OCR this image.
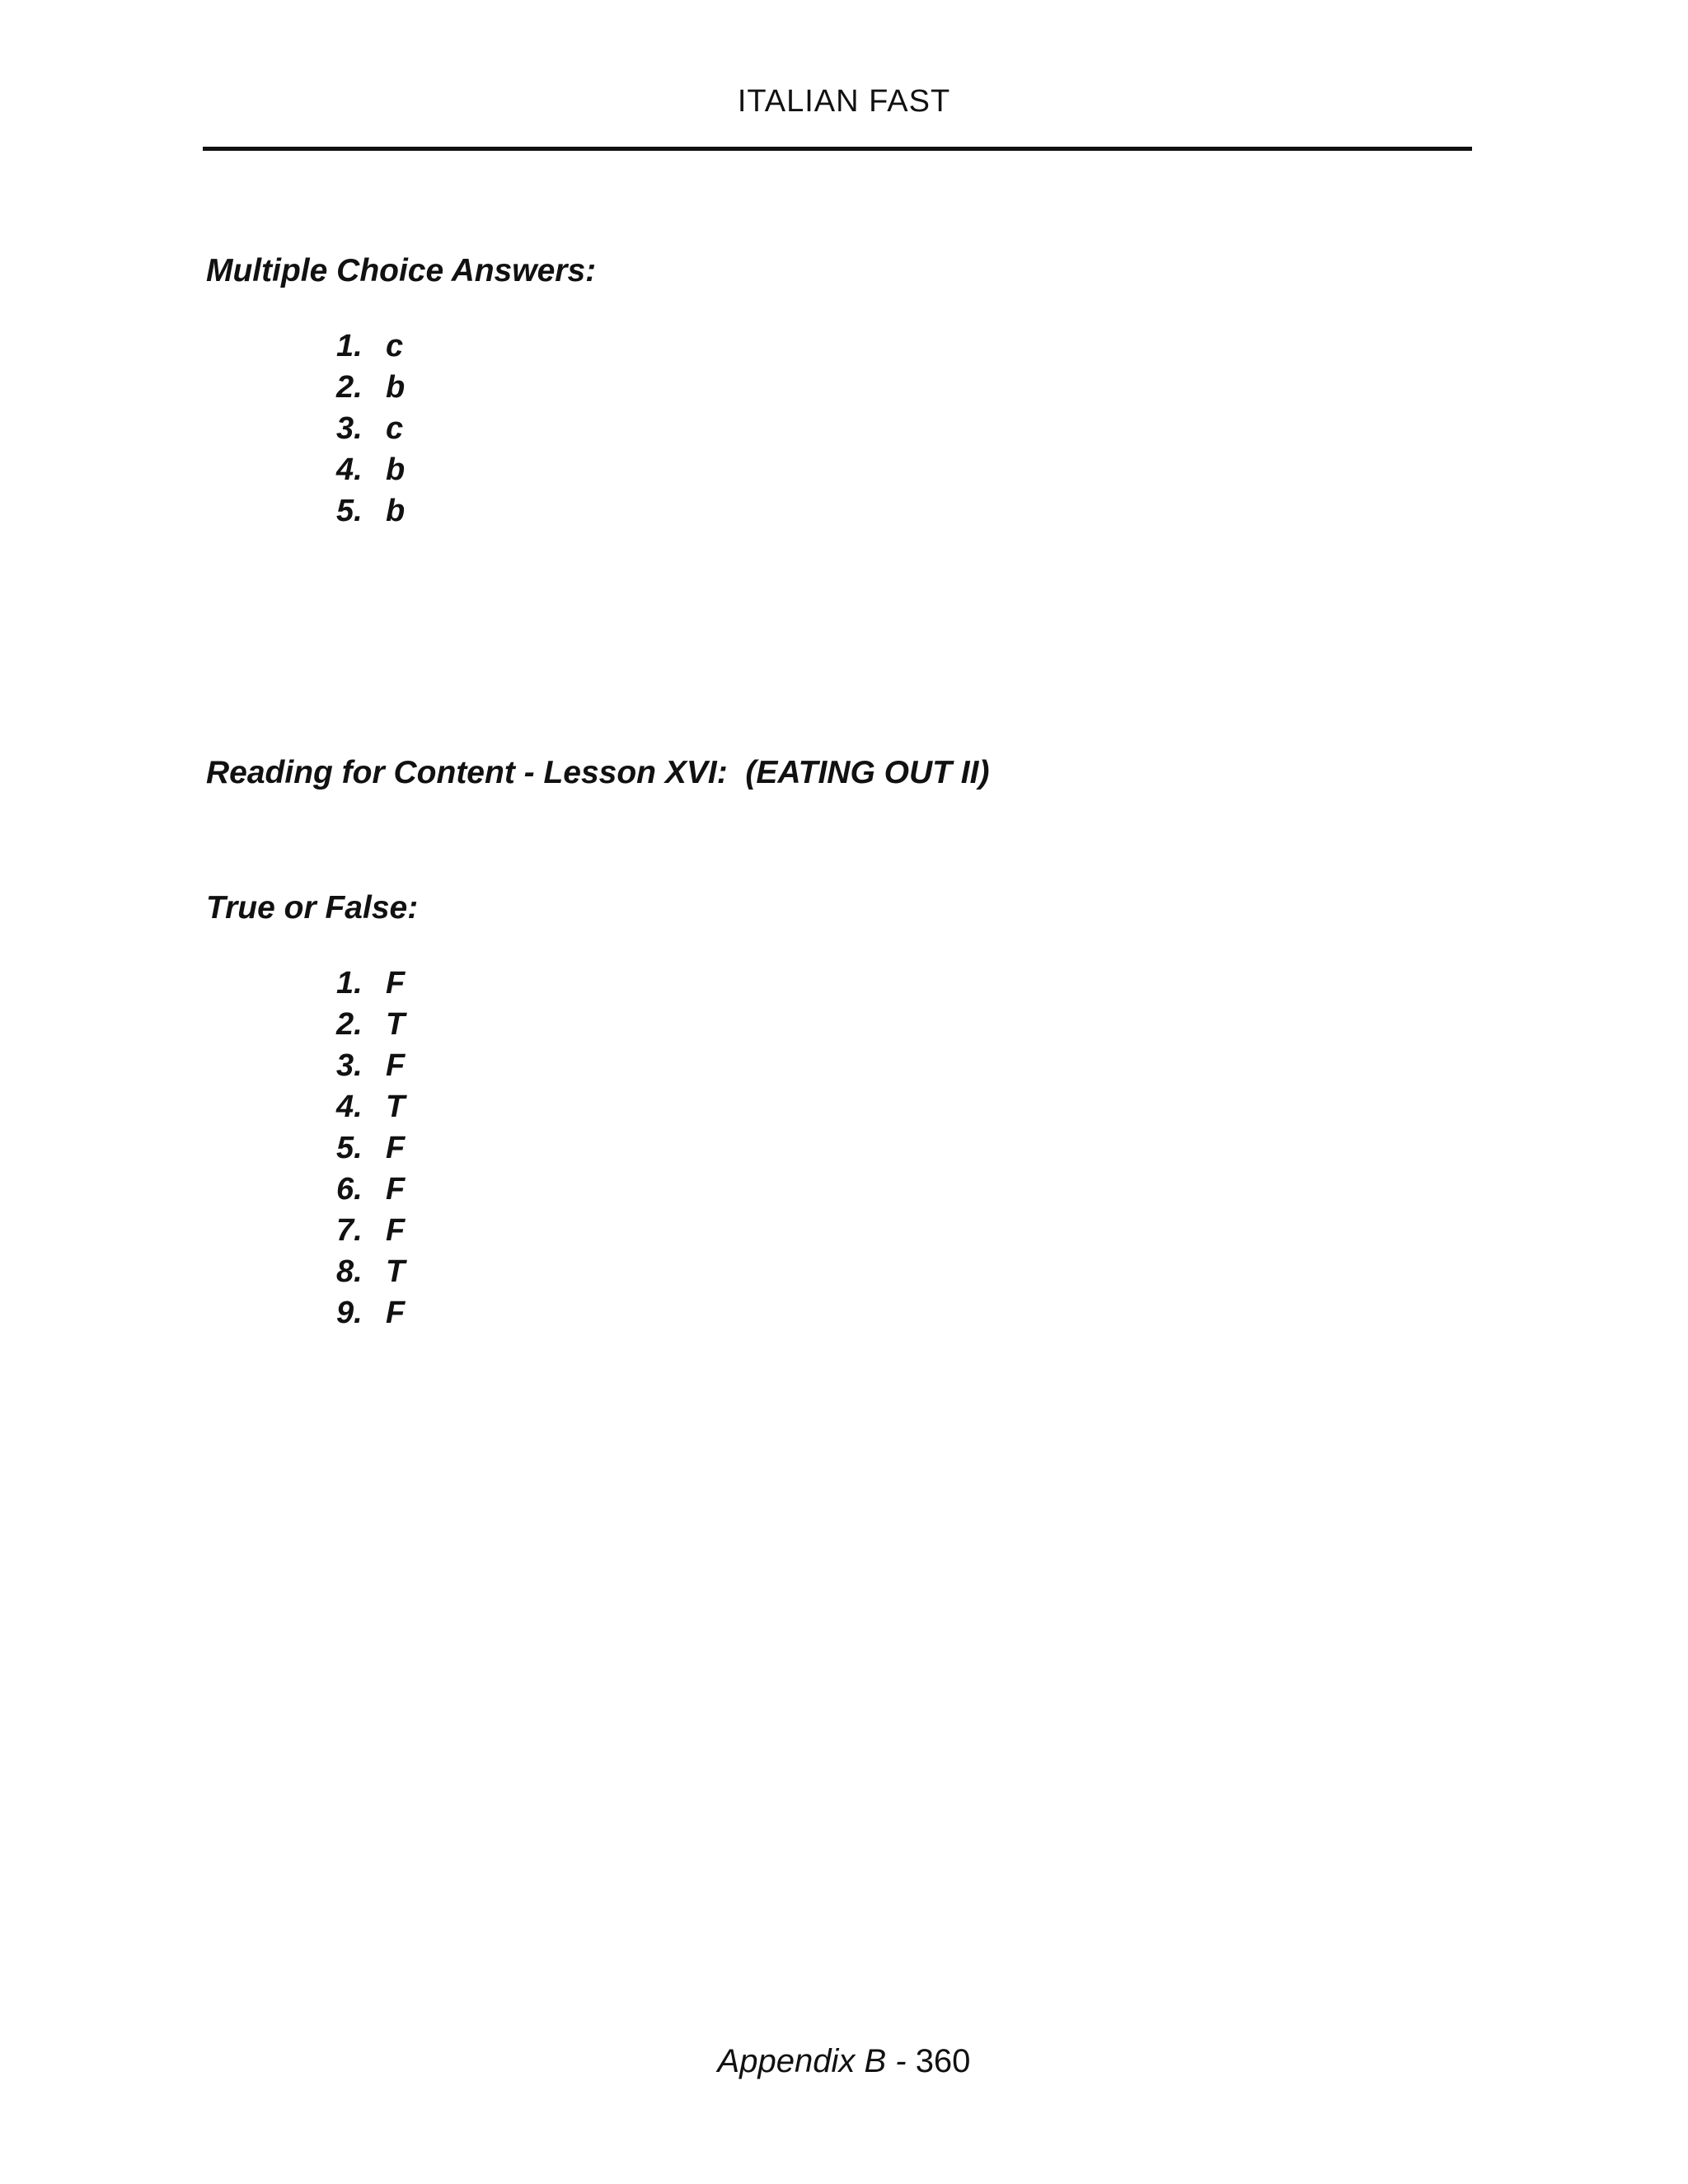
ITALIAN FAST
Multiple Choice Answers:
1. c
2. b
3. c
4. b
5. b
Reading for Content - Lesson XVI:  (EATING OUT II)
True or False:
1. F
2. T
3. F
4. T
5. F
6. F
7. F
8. T
9. F
Appendix B - 360
